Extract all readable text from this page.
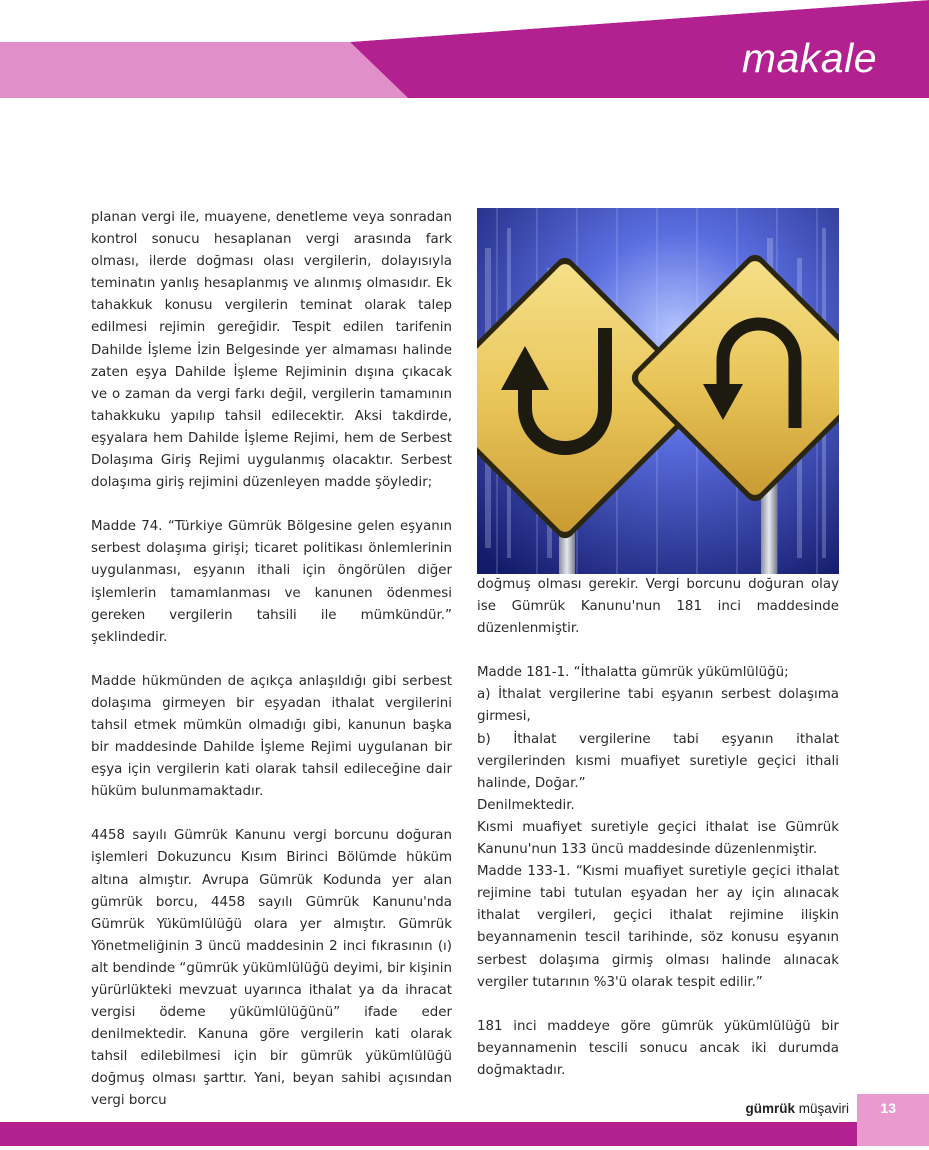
makale

planan vergi ile, muayene, denetleme veya sonradan kontrol sonucu hesaplanan vergi arasında fark olması, ilerde doğması olası vergilerin, dolayısıyla teminatın yanlış hesaplanmış ve alınmış olmasıdır. Ek tahakkuk konusu vergilerin teminat olarak talep edilmesi rejimin gereğidir. Tespit edilen tarifenin Dahilde İşleme İzin Belgesinde yer almaması halinde zaten eşya Dahilde İşleme Rejiminin dışına çıkacak ve o zaman da vergi farkı değil, vergilerin tamamının tahakkuku yapılıp tahsil edilecektir. Aksi takdirde, eşyalara hem Dahilde İşleme Rejimi, hem de Serbest Dolaşıma Giriş Rejimi uygulanmış olacaktır. Serbest dolaşıma giriş rejimini düzenleyen madde şöyledir;

Madde 74. “Türkiye Gümrük Bölgesine gelen eşyanın serbest dolaşıma girişi; ticaret politikası önlemlerinin uygulanması, eşyanın ithali için öngörülen diğer işlemlerin tamamlanması ve kanunen ödenmesi gereken vergilerin tahsili ile mümkündür.” şeklindedir.

Madde hükmünden de açıkça anlaşıldığı gibi serbest dolaşıma girmeyen bir eşyadan ithalat vergilerini tahsil etmek mümkün olmadığı gibi, kanunun başka bir maddesinde Dahilde İşleme Rejimi uygulanan bir eşya için vergilerin kati olarak tahsil edileceğine dair hüküm bulunmamaktadır.

4458 sayılı Gümrük Kanunu vergi borcunu doğuran işlemleri Dokuzuncu Kısım Birinci Bölümde hüküm altına almıştır. Avrupa Gümrük Kodunda yer alan gümrük borcu, 4458 sayılı Gümrük Kanunu'nda Gümrük Yükümlülüğü olara yer almıştır. Gümrük Yönetmeliğinin 3 üncü maddesinin 2 inci fıkrasının (ı) alt bendinde “gümrük yükümlülüğü deyimi, bir kişinin yürürlükteki mevzuat uyarınca ithalat ya da ihracat vergisi ödeme yükümlülüğünü” ifade eder denilmektedir. Kanuna göre vergilerin kati olarak tahsil edilebilmesi için bir gümrük yükümlülüğü doğmuş olması şarttır. Yani, beyan sahibi açısından vergi borcu

doğmuş olması gerekir. Vergi borcunu doğuran olay ise Gümrük Kanunu'nun 181 inci maddesinde düzenlenmiştir.

Madde 181-1. “İthalatta gümrük yükümlülüğü;

a) İthalat vergilerine tabi eşyanın serbest dolaşıma girmesi,

b) İthalat vergilerine tabi eşyanın ithalat vergilerinden kısmi muafiyet suretiyle geçici ithali halinde, Doğar.”

Denilmektedir.

Kısmi muafiyet suretiyle geçici ithalat ise Gümrük Kanunu'nun 133 üncü maddesinde düzenlenmiştir.

Madde 133-1. “Kısmi muafiyet suretiyle geçici ithalat rejimine tabi tutulan eşyadan her ay için alınacak ithalat vergileri, geçici ithalat rejimine ilişkin beyannamenin tescil tarihinde, söz konusu eşyanın serbest dolaşıma girmiş olması halinde alınacak vergiler tutarının %3'ü olarak tespit edilir.”

181 inci maddeye göre gümrük yükümlülüğü bir beyannamenin tescili sonucu ancak iki durumda doğmaktadır.

gümrük müşaviri 13
